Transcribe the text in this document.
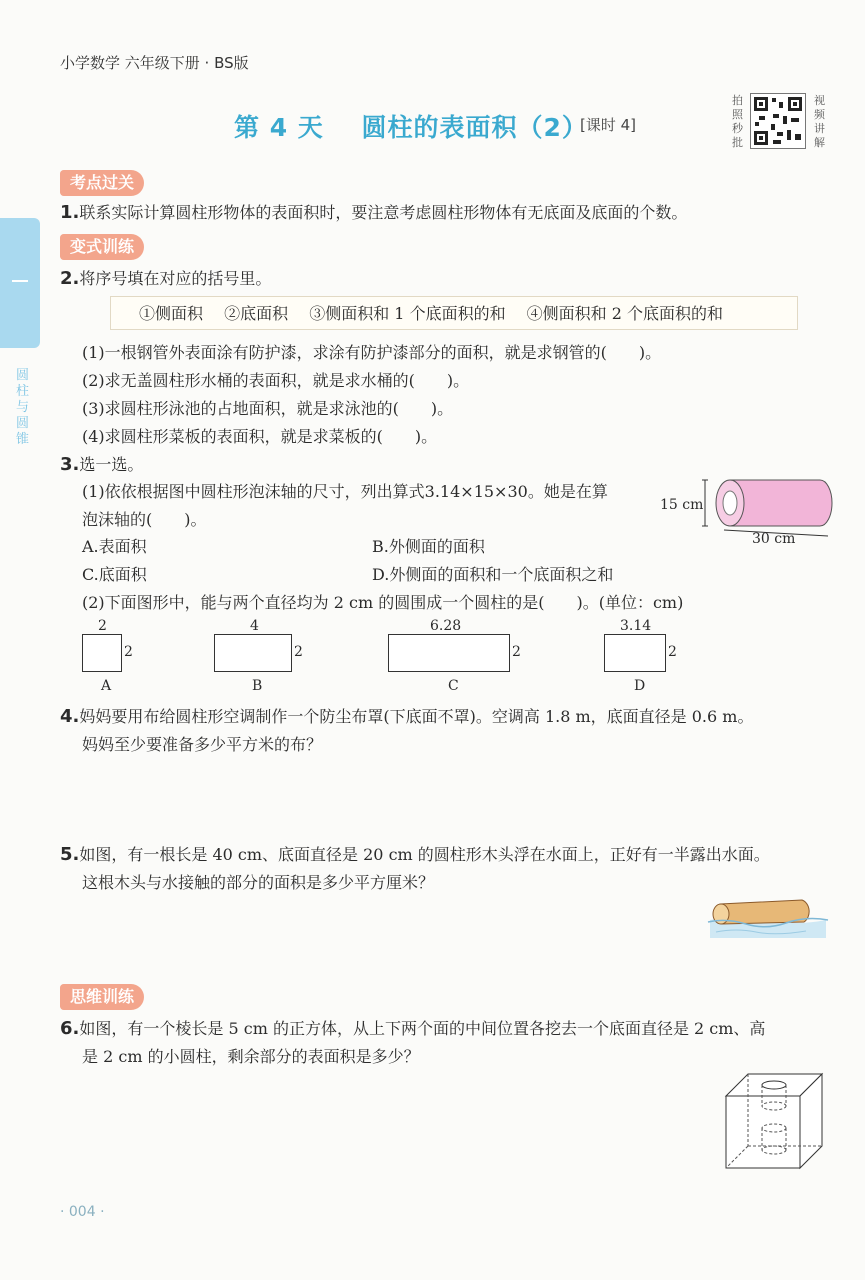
小学数学 六年级下册 · BS版
第 4 天 圆柱的表面积（2）
[课时 4]
拍照秒批
视频讲解
圆柱与圆锥
考点过关
1.联系实际计算圆柱形物体的表面积时，要注意考虑圆柱形物体有无底面及底面的个数。
变式训练
2.将序号填在对应的括号里。
①侧面积 ②底面积 ③侧面积和 1 个底面积的和 ④侧面积和 2 个底面积的和
(1)一根钢管外表面涂有防护漆，求涂有防护漆部分的面积，就是求钢管的(　　)。
(2)求无盖圆柱形水桶的表面积，就是求水桶的(　　)。
(3)求圆柱形泳池的占地面积，就是求泳池的(　　)。
(4)求圆柱形菜板的表面积，就是求菜板的(　　)。
3.选一选。
(1)依依根据图中圆柱形泡沫轴的尺寸，列出算式3.14×15×30。她是在算
泡沫轴的(　　)。
15 cm
30 cm
A.表面积	B.外侧面的面积
C.底面积	D.外侧面的面积和一个底面积之和
(2)下面图形中，能与两个直径均为 2 cm 的圆围成一个圆柱的是(　　)。(单位：cm)
2
2
A
4
2
B
6.28
2
C
3.14
2
D
4.妈妈要用布给圆柱形空调制作一个防尘布罩(下底面不罩)。空调高 1.8 m，底面直径是 0.6 m。
妈妈至少要准备多少平方米的布？
5.如图，有一根长是 40 cm、底面直径是 20 cm 的圆柱形木头浮在水面上，正好有一半露出水面。
这根木头与水接触的部分的面积是多少平方厘米？
思维训练
6.如图，有一个棱长是 5 cm 的正方体，从上下两个面的中间位置各挖去一个底面直径是 2 cm、高
是 2 cm 的小圆柱，剩余部分的表面积是多少？
· 004 ·
